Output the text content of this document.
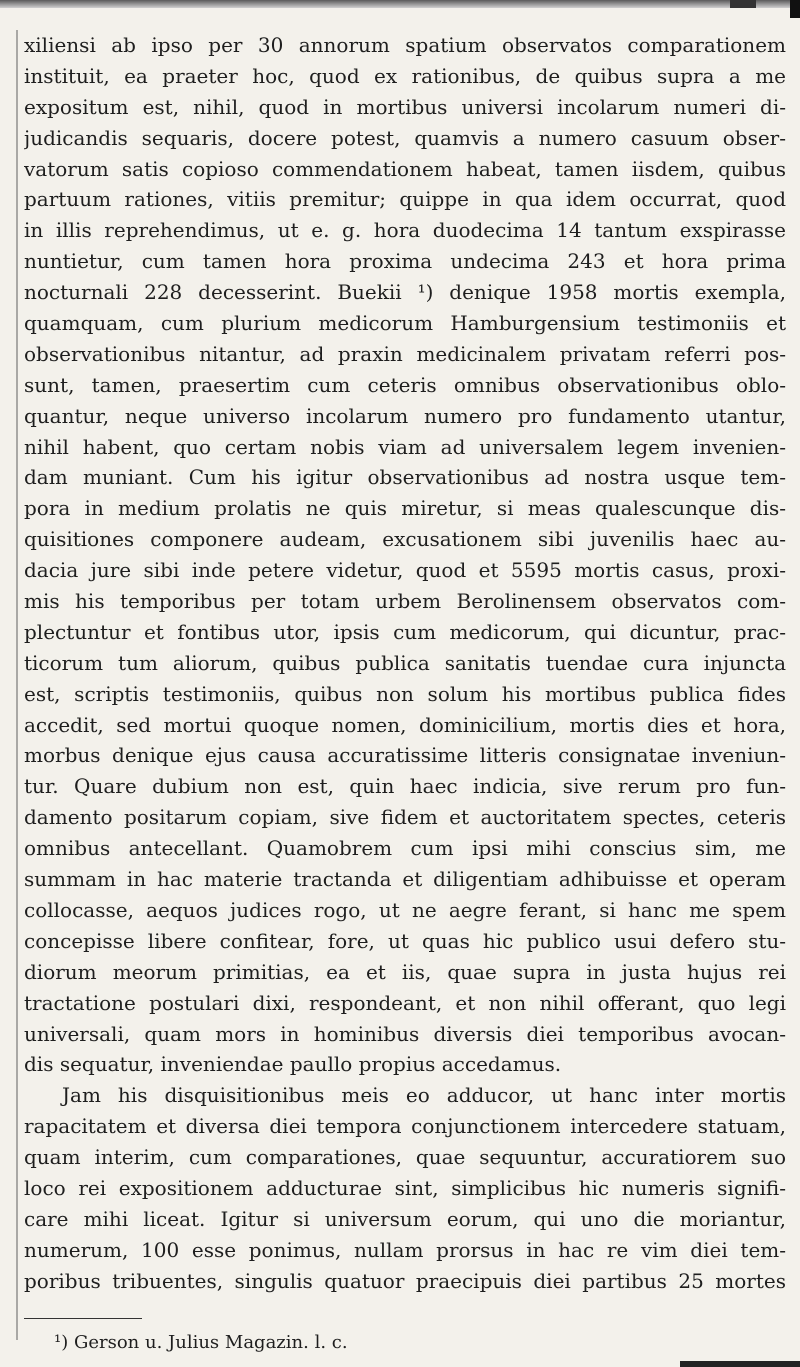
xiliensi ab ipso per 30 annorum spatium observatos comparationem
instituit, ea praeter hoc, quod ex rationibus, de quibus supra a me
expositum est, nihil, quod in mortibus universi incolarum numeri di-
judicandis sequaris, docere potest, quamvis a numero casuum obser-
vatorum satis copioso commendationem habeat, tamen iisdem, quibus
partuum rationes, vitiis premitur; quippe in qua idem occurrat, quod
in illis reprehendimus, ut e. g. hora duodecima 14 tantum exspirasse
nuntietur, cum tamen hora proxima undecima 243 et hora prima
nocturnali 228 decesserint. Buekii ¹) denique 1958 mortis exempla,
quamquam, cum plurium medicorum Hamburgensium testimoniis et
observationibus nitantur, ad praxin medicinalem privatam referri pos-
sunt, tamen, praesertim cum ceteris omnibus observationibus oblo-
quantur, neque universo incolarum numero pro fundamento utantur,
nihil habent, quo certam nobis viam ad universalem legem invenien-
dam muniant. Cum his igitur observationibus ad nostra usque tem-
pora in medium prolatis ne quis miretur, si meas qualescunque dis-
quisitiones componere audeam, excusationem sibi juvenilis haec au-
dacia jure sibi inde petere videtur, quod et 5595 mortis casus, proxi-
mis his temporibus per totam urbem Berolinensem observatos com-
plectuntur et fontibus utor, ipsis cum medicorum, qui dicuntur, prac-
ticorum tum aliorum, quibus publica sanitatis tuendae cura injuncta
est, scriptis testimoniis, quibus non solum his mortibus publica fides
accedit, sed mortui quoque nomen, dominicilium, mortis dies et hora,
morbus denique ejus causa accuratissime litteris consignatae inveniun-
tur. Quare dubium non est, quin haec indicia, sive rerum pro fun-
damento positarum copiam, sive fidem et auctoritatem spectes, ceteris
omnibus antecellant. Quamobrem cum ipsi mihi conscius sim, me
summam in hac materie tractanda et diligentiam adhibuisse et operam
collocasse, aequos judices rogo, ut ne aegre ferant, si hanc me spem
concepisse libere confitear, fore, ut quas hic publico usui defero stu-
diorum meorum primitias, ea et iis, quae supra in justa hujus rei
tractatione postulari dixi, respondeant, et non nihil offerant, quo legi
universali, quam mors in hominibus diversis diei temporibus avocan-
dis sequatur, inveniendae paullo propius accedamus.
Jam his disquisitionibus meis eo adducor, ut hanc inter mortis
rapacitatem et diversa diei tempora conjunctionem intercedere statuam,
quam interim, cum comparationes, quae sequuntur, accuratiorem suo
loco rei expositionem adducturae sint, simplicibus hic numeris signifi-
care mihi liceat. Igitur si universum eorum, qui uno die moriantur,
numerum, 100 esse ponimus, nullam prorsus in hac re vim diei tem-
poribus tribuentes, singulis quatuor praecipuis diei partibus 25 mortes
¹) Gerson u. Julius Magazin. l. c.
